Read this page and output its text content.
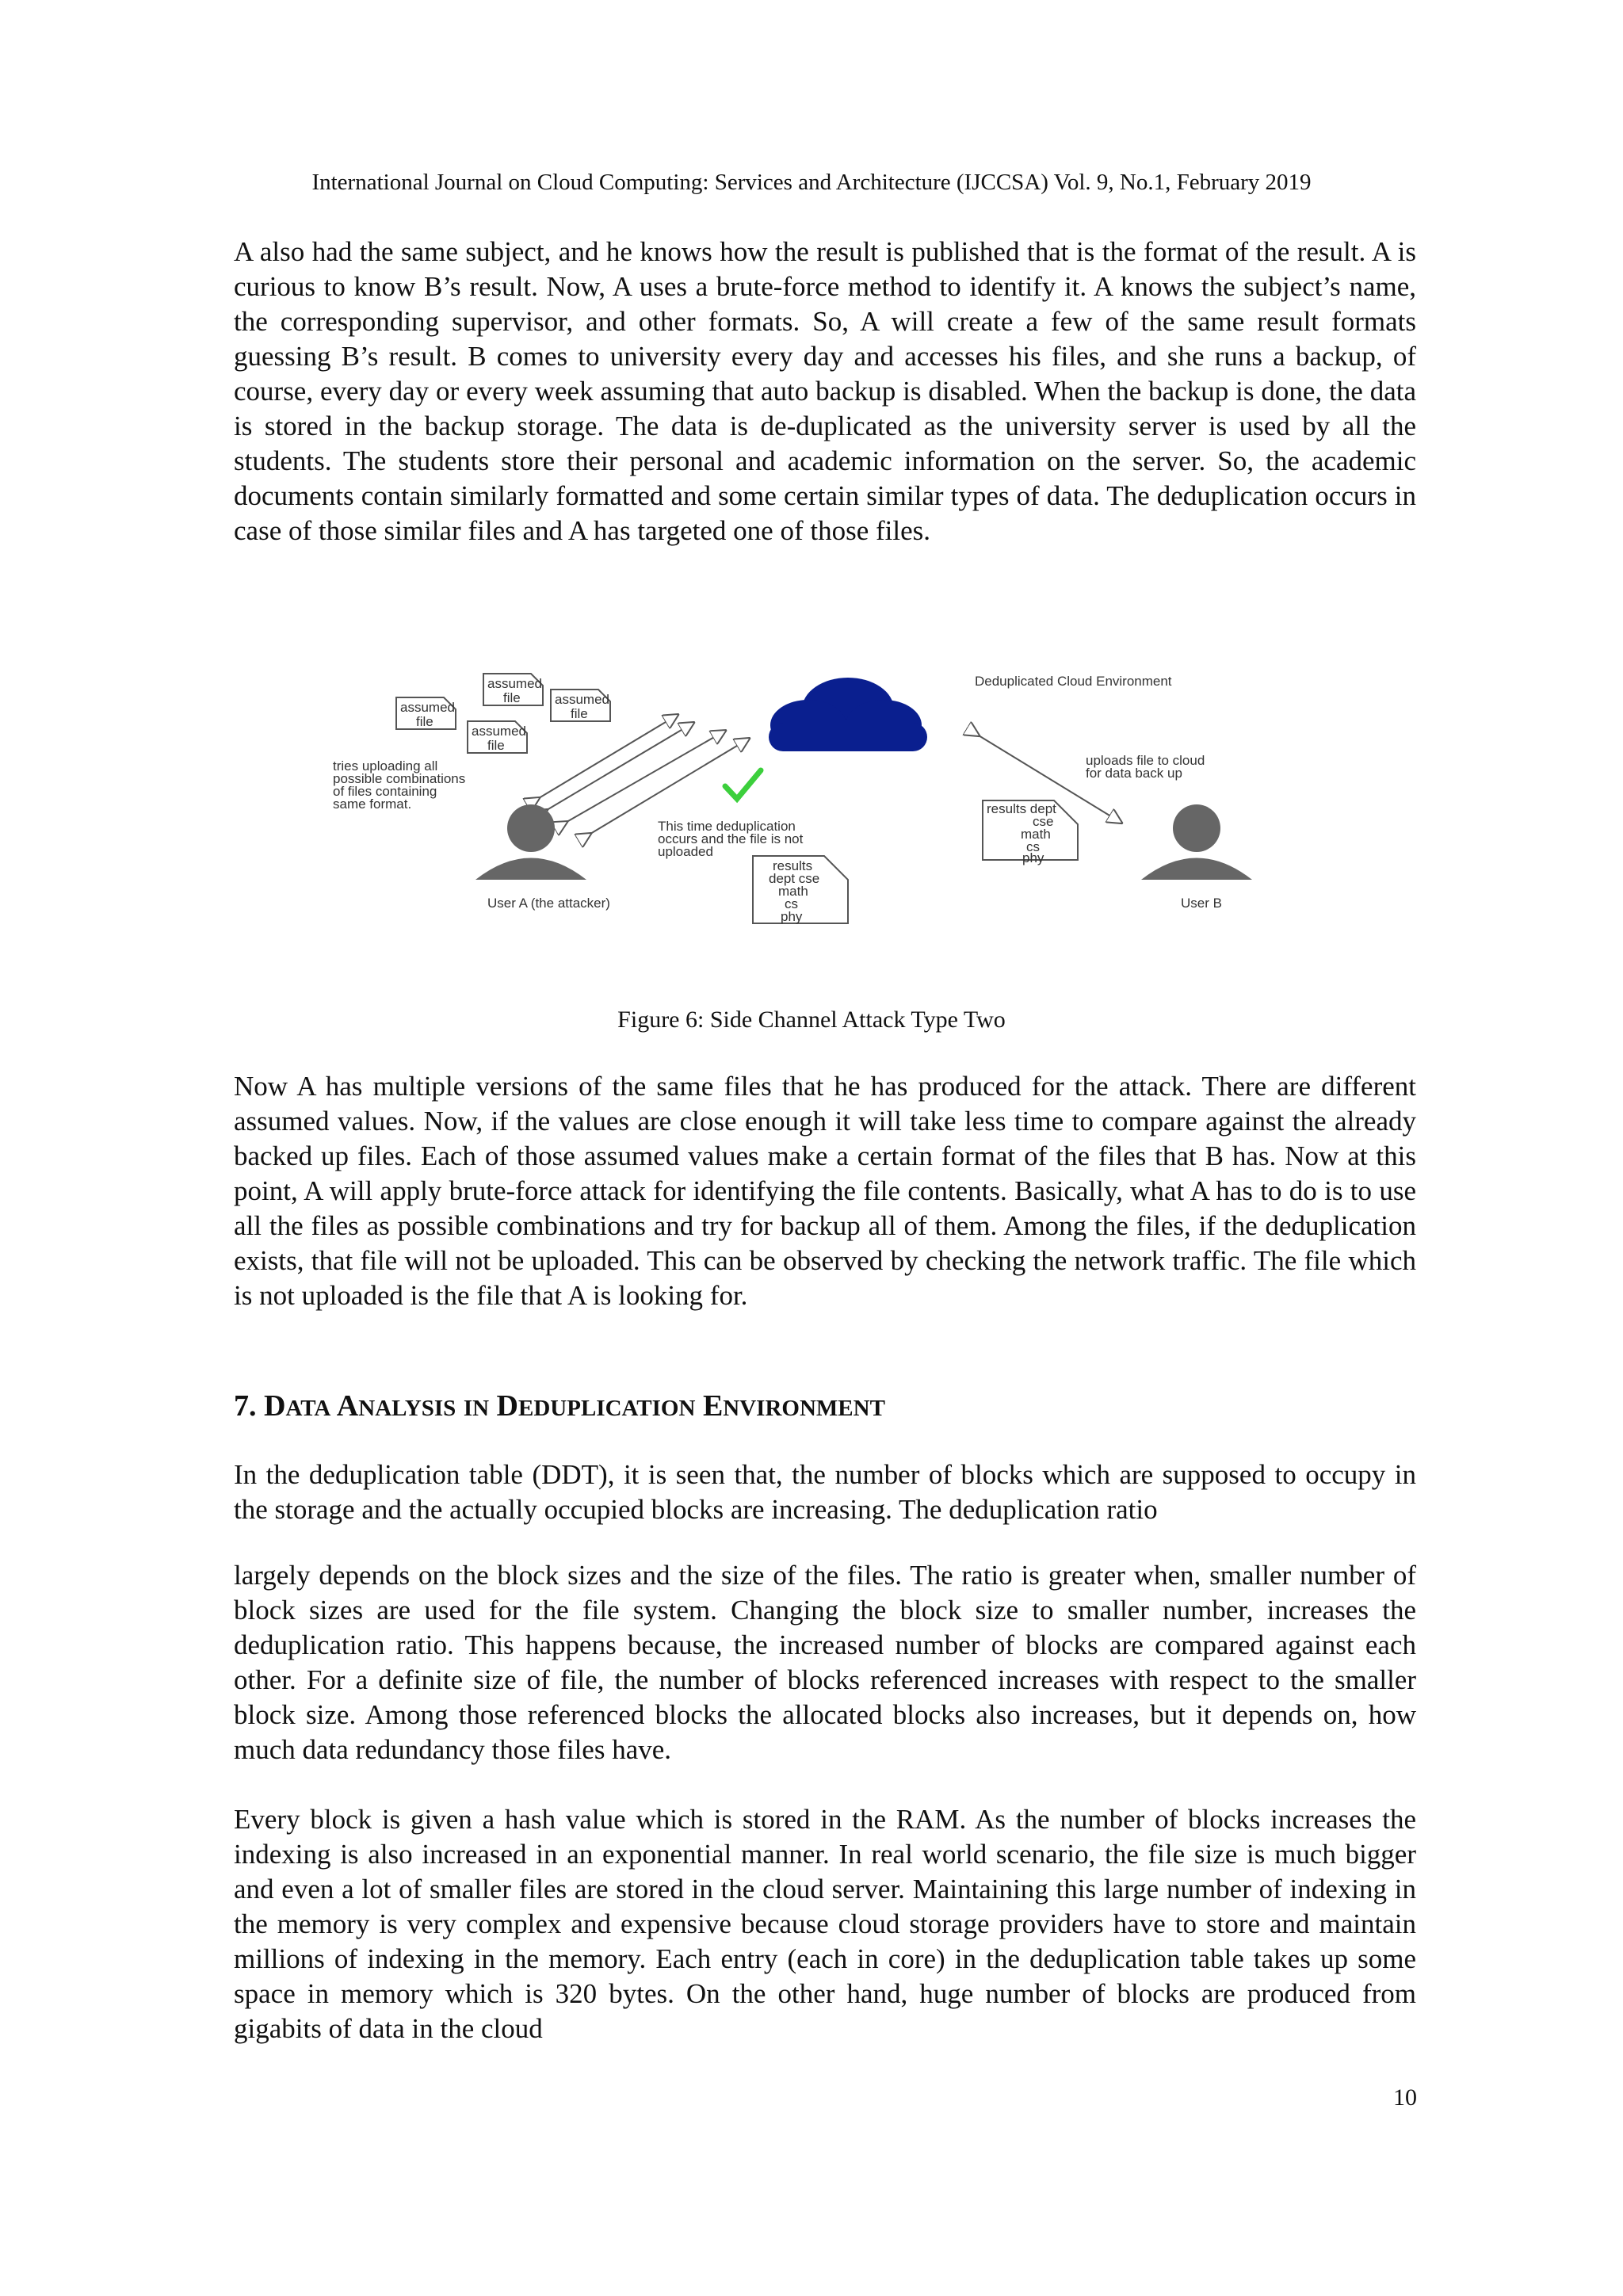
International Journal on Cloud Computing: Services and Architecture (IJCCSA) Vol. 9, No.1, February 2019

A also had the same subject, and he knows how the result is published that is the format of the result. A is curious to know B’s result. Now, A uses a brute-force method to identify it. A knows the subject’s name, the corresponding supervisor, and other formats. So, A will create a few of the same result formats guessing B’s result. B comes to university every day and accesses his files, and she runs a backup, of course, every day or every week assuming that auto backup is disabled. When the backup is done, the data is stored in the backup storage. The data is de-duplicated as the university server is used by all the students. The students store their personal and academic information on the server. So, the academic documents contain similarly formatted and some certain similar types of data. The deduplication occurs in case of those similar files and A has targeted one of those files.

Deduplicated Cloud Environment
assumed
file
assumed
file	assumed
file
assumed
file
tries uploading all
possible combinations
of files containing
same format.
This time deduplication
occurs and the file is not
uploaded
results
dept cse
math
cs
phy
User A (the attacker)
uploads file to cloud
for data back up
results dept
cse
math
cs
phy
User B
Figure 6: Side Channel Attack Type Two

Now A has multiple versions of the same files that he has produced for the attack. There are different assumed values. Now, if the values are close enough it will take less time to compare against the already backed up files. Each of those assumed values make a certain format of the files that B has. Now at this point, A will apply brute-force attack for identifying the file contents. Basically, what A has to do is to use all the files as possible combinations and try for backup all of them. Among the files, if the deduplication exists, that file will not be uploaded. This can be observed by checking the network traffic. The file which is not uploaded is the file that A is looking for.

7. DATA ANALYSIS IN DEDUPLICATION ENVIRONMENT

In the deduplication table (DDT), it is seen that, the number of blocks which are supposed to occupy in the storage and the actually occupied blocks are increasing. The deduplication ratio

largely depends on the block sizes and the size of the files. The ratio is greater when, smaller number of block sizes are used for the file system. Changing the block size to smaller number, increases the deduplication ratio. This happens because, the increased number of blocks are compared against each other. For a definite size of file, the number of blocks referenced increases with respect to the smaller block size. Among those referenced blocks the allocated blocks also increases, but it depends on, how much data redundancy those files have.

Every block is given a hash value which is stored in the RAM. As the number of blocks increases the indexing is also increased in an exponential manner. In real world scenario, the file size is much bigger and even a lot of smaller files are stored in the cloud server. Maintaining this large number of indexing in the memory is very complex and expensive because cloud storage providers have to store and maintain millions of indexing in the memory. Each entry (each in core) in the deduplication table takes up some space in memory which is 320 bytes. On the other hand, huge number of blocks are produced from gigabits of data in the cloud

10
